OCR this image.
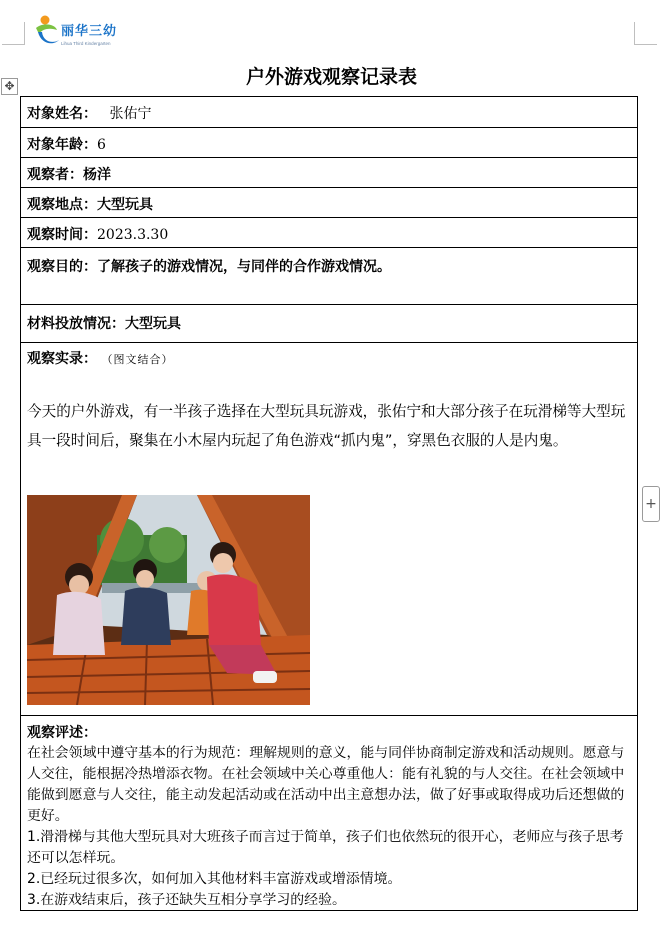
丽华三幼
Lihua Third Kindergarten
✥
+
户外游戏观察记录表
对象姓名： 张佑宁
对象年龄：6
观察者：杨洋
观察地点：大型玩具
观察时间：2023.3.30
观察目的：了解孩子的游戏情况，与同伴的合作游戏情况。
材料投放情况：大型玩具
观察实录： （图文结合）
今天的户外游戏，有一半孩子选择在大型玩具玩游戏，张佑宁和大部分孩子在玩滑梯等大型玩具一段时间后，聚集在小木屋内玩起了角色游戏“抓内鬼”，穿黑色衣服的人是内鬼。
观察评述：
在社会领域中遵守基本的行为规范：理解规则的意义，能与同伴协商制定游戏和活动规则。愿意与人交往，能根据冷热增添衣物。在社会领域中关心尊重他人：能有礼貌的与人交往。在社会领域中能做到愿意与人交往，能主动发起活动或在活动中出主意想办法，做了好事或取得成功后还想做的更好。
1.滑滑梯与其他大型玩具对大班孩子而言过于简单，孩子们也依然玩的很开心，老师应与孩子思考还可以怎样玩。
2.已经玩过很多次，如何加入其他材料丰富游戏或增添情境。
3.在游戏结束后，孩子还缺失互相分享学习的经验。
